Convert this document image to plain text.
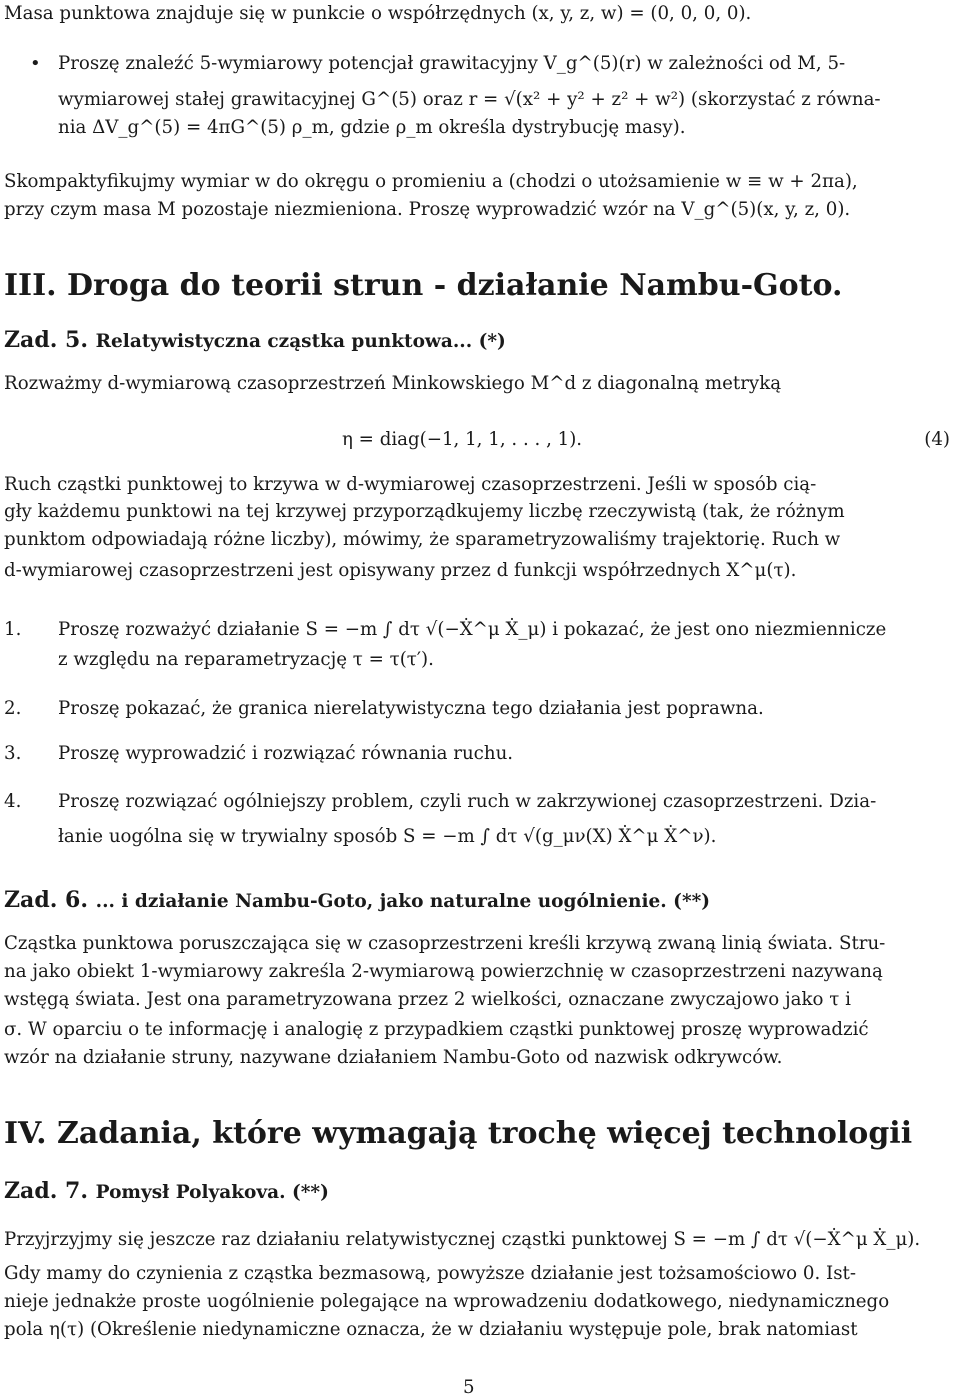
Masa punktowa znajduje się w punkcie o współrzędnych (x, y, z, w) = (0, 0, 0, 0).
• Proszę znaleźć 5-wymiarowy potencjał grawitacyjny V_g^(5)(r) w zależności od M, 5-
wymiarowej stałej grawitacyjnej G^(5) oraz r = √(x² + y² + z² + w²) (skorzystać z równa-
nia ΔV_g^(5) = 4πG^(5) ρ_m, gdzie ρ_m określa dystrybucję masy).
Skompaktyfikujmy wymiar w do okręgu o promieniu a (chodzi o utożsamienie w ≡ w + 2πa),
przy czym masa M pozostaje niezmieniona. Proszę wyprowadzić wzór na V_g^(5)(x, y, z, 0).
III. Droga do teorii strun - działanie Nambu-Goto.
Zad. 5. Relatywistyczna cząstka punktowa... (*)
Rozważmy d-wymiarową czasoprzestrzeń Minkowskiego M^d z diagonalną metryką
η = diag(−1, 1, 1, . . . , 1).	(4)
Ruch cząstki punktowej to krzywa w d-wymiarowej czasoprzestrzeni. Jeśli w sposób cią-
gły każdemu punktowi na tej krzywej przyporządkujemy liczbę rzeczywistą (tak, że różnym
punktom odpowiadają różne liczby), mówimy, że sparametryzowaliśmy trajektorię. Ruch w
d-wymiarowej czasoprzestrzeni jest opisywany przez d funkcji współrzednych X^μ(τ).
1. Proszę rozważyć działanie S = −m ∫ dτ √(−Ẋ^μ Ẋ_μ) i pokazać, że jest ono niezmiennicze
z względu na reparametryzację τ = τ(τ′).
2. Proszę pokazać, że granica nierelatywistyczna tego działania jest poprawna.
3. Proszę wyprowadzić i rozwiązać równania ruchu.
4. Proszę rozwiązać ogólniejszy problem, czyli ruch w zakrzywionej czasoprzestrzeni. Dzia-
łanie uogólna się w trywialny sposób S = −m ∫ dτ √(g_μν(X) Ẋ^μ Ẋ^ν).
Zad. 6. ... i działanie Nambu-Goto, jako naturalne uogólnienie. (**)
Cząstka punktowa poruszczająca się w czasoprzestrzeni kreśli krzywą zwaną linią świata. Stru-
na jako obiekt 1-wymiarowy zakreśla 2-wymiarową powierzchnię w czasoprzestrzeni nazywaną
wstęgą świata. Jest ona parametryzowana przez 2 wielkości, oznaczane zwyczajowo jako τ i
σ. W oparciu o te informację i analogię z przypadkiem cząstki punktowej proszę wyprowadzić
wzór na działanie struny, nazywane działaniem Nambu-Goto od nazwisk odkrywców.
IV. Zadania, które wymagają trochę więcej technologii
Zad. 7. Pomysł Polyakova. (**)
Przyjrzyjmy się jeszcze raz działaniu relatywistycznej cząstki punktowej S = −m ∫ dτ √(−Ẋ^μ Ẋ_μ).
Gdy mamy do czynienia z cząstka bezmasową, powyższe działanie jest tożsamościowo 0. Ist-
nieje jednakże proste uogólnienie polegające na wprowadzeniu dodatkowego, niedynamicznego
pola η(τ) (Określenie niedynamiczne oznacza, że w działaniu występuje pole, brak natomiast
5
